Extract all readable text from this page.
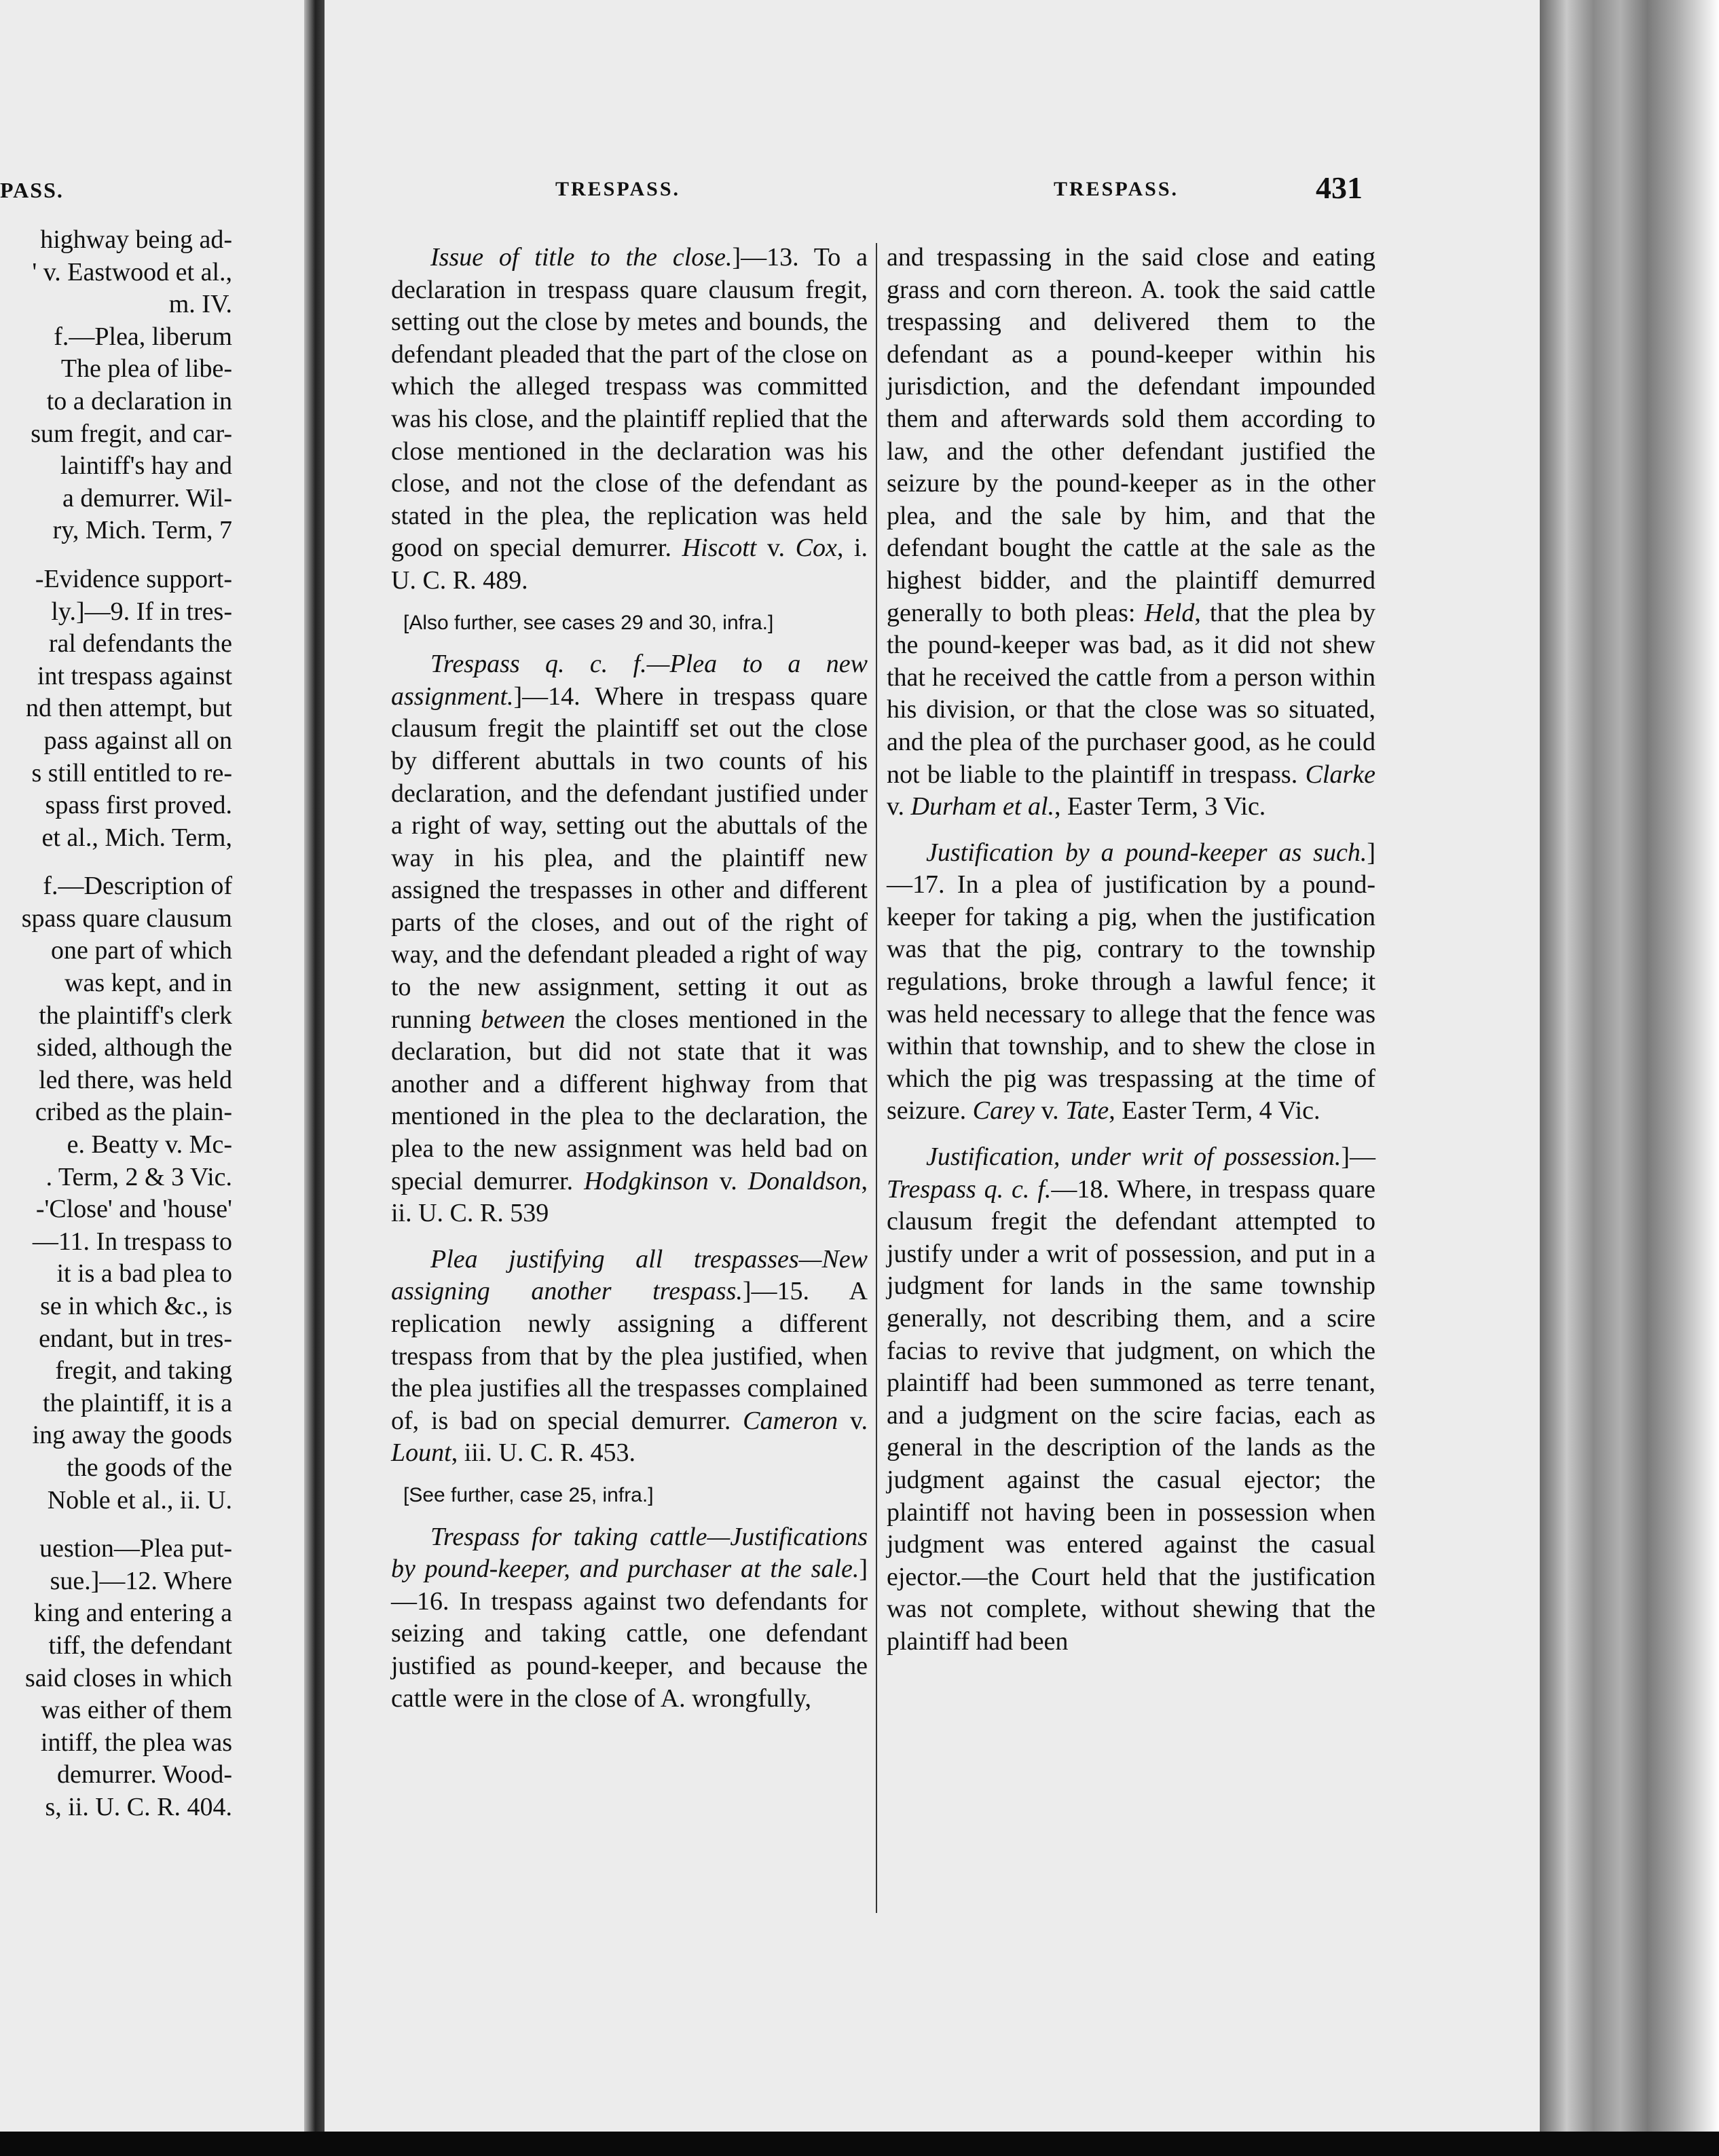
PASS.
highway being ad-
' v. Eastwood et al.,
m. IV.
f.—Plea, liberum
The plea of libe-
to a declaration in
sum fregit, and car-
laintiff's hay and
a demurrer. Wil-
ry, Mich. Term, 7
-Evidence support-
ly.]—9. If in tres-
ral defendants the
int trespass against
nd then attempt, but
pass against all on
s still entitled to re-
spass first proved.
et al., Mich. Term,
f.—Description of
spass quare clausum
one part of which
was kept, and in
the plaintiff's clerk
sided, although the
led there, was held
cribed as the plain-
e. Beatty v. Mc-
. Term, 2 & 3 Vic.
-'Close' and 'house'
—11. In trespass to
it is a bad plea to
se in which &c., is
endant, but in tres-
fregit, and taking
the plaintiff, it is a
ing away the goods
the goods of the
Noble et al., ii. U.
uestion—Plea put-
sue.]—12. Where
king and entering a
tiff, the defendant
said closes in which
was either of them
intiff, the plea was
demurrer. Wood-
s, ii. U. C. R. 404.
TRESPASS.	TRESPASS.	431

Issue of title to the close.]—13. To a declaration in trespass quare clausum fregit, setting out the close by metes and bounds, the defendant pleaded that the part of the close on which the alleged trespass was committed was his close, and the plaintiff replied that the close mentioned in the declaration was his close, and not the close of the defendant as stated in the plea, the replication was held good on special demurrer. Hiscott v. Cox, i. U. C. R. 489.

[Also further, see cases 29 and 30, infra.]

Trespass q. c. f.—Plea to a new assignment.]—14. Where in trespass quare clausum fregit the plaintiff set out the close by different abuttals in two counts of his declaration, and the defendant justified under a right of way, setting out the abuttals of the way in his plea, and the plaintiff new assigned the trespasses in other and different parts of the closes, and out of the right of way, and the defendant pleaded a right of way to the new assignment, setting it out as running between the closes mentioned in the declaration, but did not state that it was another and a different highway from that mentioned in the plea to the declaration, the plea to the new assignment was held bad on special demurrer. Hodgkinson v. Donaldson, ii. U. C. R. 539

Plea justifying all trespasses—New assigning another trespass.]—15. A replication newly assigning a different trespass from that by the plea justified, when the plea justifies all the trespasses complained of, is bad on special demurrer. Cameron v. Lount, iii. U. C. R. 453.

[See further, case 25, infra.]

Trespass for taking cattle—Justifications by pound-keeper, and purchaser at the sale.]—16. In trespass against two defendants for seizing and taking cattle, one defendant justified as pound-keeper, and because the cattle were in the close of A. wrongfully,

and trespassing in the said close and eating grass and corn thereon. A. took the said cattle trespassing and delivered them to the defendant as a pound-keeper within his jurisdiction, and the defendant impounded them and afterwards sold them according to law, and the other defendant justified the seizure by the pound-keeper as in the other plea, and the sale by him, and that the defendant bought the cattle at the sale as the highest bidder, and the plaintiff demurred generally to both pleas: Held, that the plea by the pound-keeper was bad, as it did not shew that he received the cattle from a person within his division, or that the close was so situated, and the plea of the purchaser good, as he could not be liable to the plaintiff in trespass. Clarke v. Durham et al., Easter Term, 3 Vic.

Justification by a pound-keeper as such.]—17. In a plea of justification by a pound-keeper for taking a pig, when the justification was that the pig, contrary to the township regulations, broke through a lawful fence; it was held necessary to allege that the fence was within that township, and to shew the close in which the pig was trespassing at the time of seizure. Carey v. Tate, Easter Term, 4 Vic.

Justification, under writ of possession.]—Trespass q. c. f.—18. Where, in trespass quare clausum fregit the defendant attempted to justify under a writ of possession, and put in a judgment for lands in the same township generally, not describing them, and a scire facias to revive that judgment, on which the plaintiff had been summoned as terre tenant, and a judgment on the scire facias, each as general in the description of the lands as the judgment against the casual ejector; the plaintiff not having been in possession when judgment was entered against the casual ejector.—the Court held that the justification was not complete, without shewing that the plaintiff had been
